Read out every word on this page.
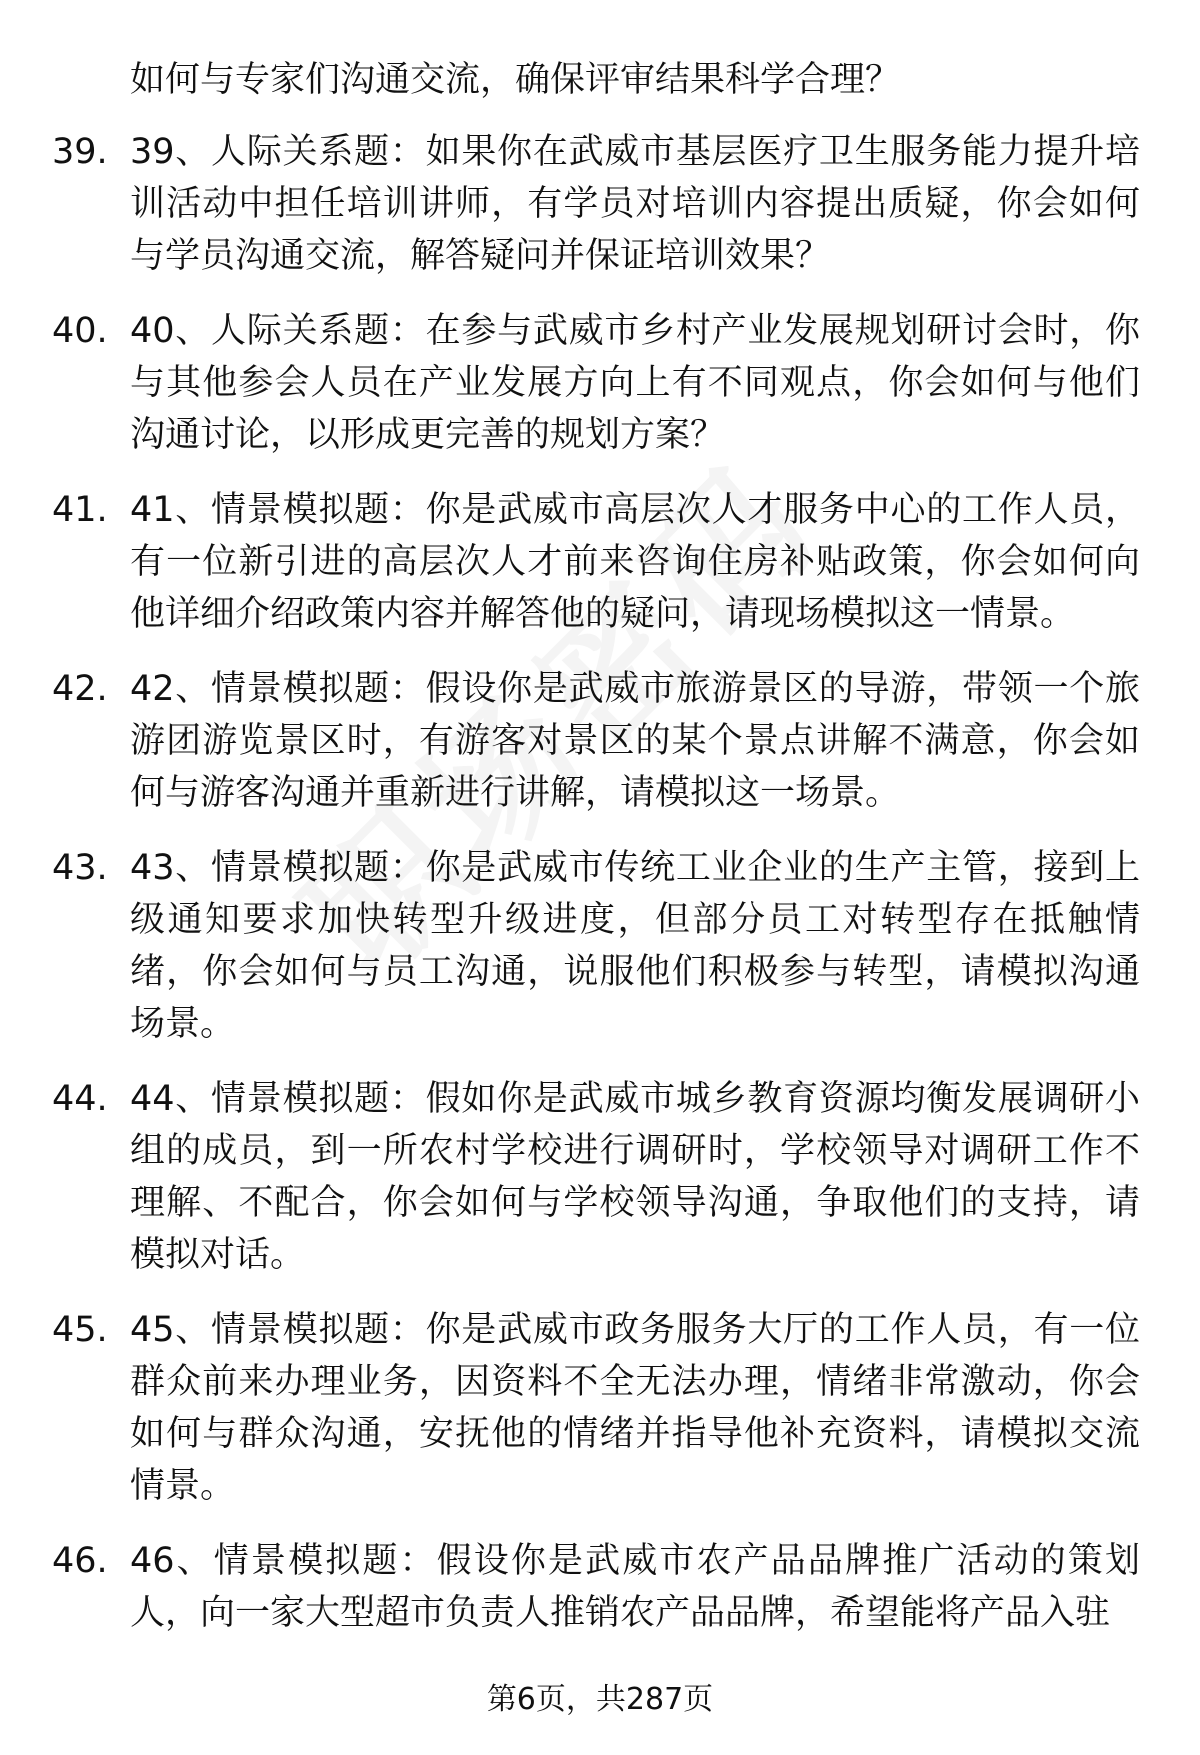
如何与专家们沟通交流，确保评审结果科学合理？

39. 39、人际关系题：如果你在武威市基层医疗卫生服务能力提升培训活动中担任培训讲师，有学员对培训内容提出质疑，你会如何与学员沟通交流，解答疑问并保证培训效果？
40. 40、人际关系题：在参与武威市乡村产业发展规划研讨会时，你与其他参会人员在产业发展方向上有不同观点，你会如何与他们沟通讨论，以形成更完善的规划方案？
41. 41、情景模拟题：你是武威市高层次人才服务中心的工作人员，有一位新引进的高层次人才前来咨询住房补贴政策，你会如何向他详细介绍政策内容并解答他的疑问，请现场模拟这一情景。
42. 42、情景模拟题：假设你是武威市旅游景区的导游，带领一个旅游团游览景区时，有游客对景区的某个景点讲解不满意，你会如何与游客沟通并重新进行讲解，请模拟这一场景。
43. 43、情景模拟题：你是武威市传统工业企业的生产主管，接到上级通知要求加快转型升级进度，但部分员工对转型存在抵触情绪，你会如何与员工沟通，说服他们积极参与转型，请模拟沟通场景。
44. 44、情景模拟题：假如你是武威市城乡教育资源均衡发展调研小组的成员，到一所农村学校进行调研时，学校领导对调研工作不理解、不配合，你会如何与学校领导沟通，争取他们的支持，请模拟对话。
45. 45、情景模拟题：你是武威市政务服务大厅的工作人员，有一位群众前来办理业务，因资料不全无法办理，情绪非常激动，你会如何与群众沟通，安抚他的情绪并指导他补充资料，请模拟交流情景。
46. 46、情景模拟题：假设你是武威市农产品品牌推广活动的策划人，向一家大型超市负责人推销农产品品牌，希望能将产品入驻
第6页，共287页
